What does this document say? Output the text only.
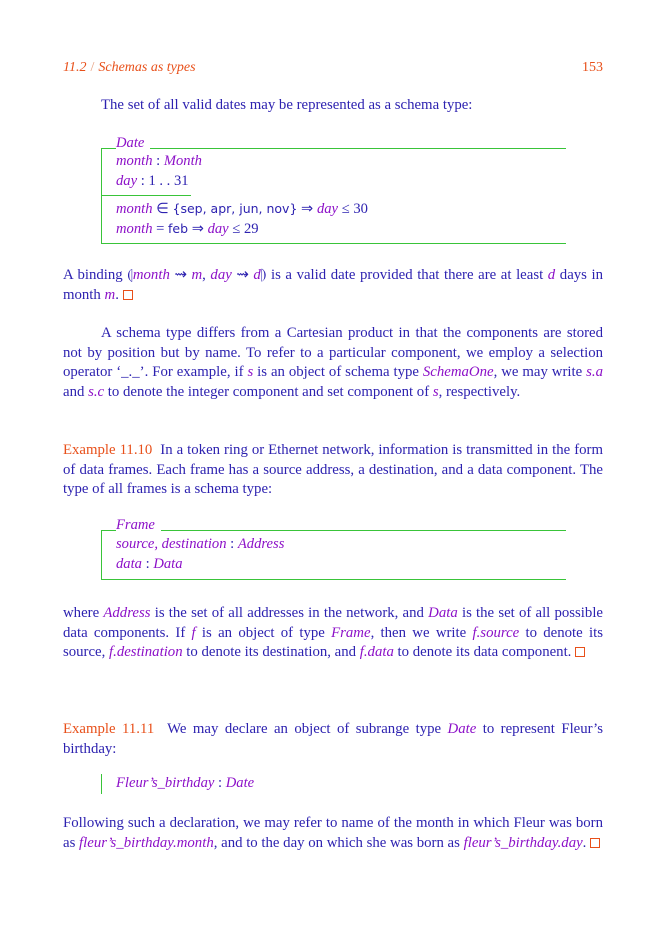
11.2 / Schemas as types	153

The set of all valid dates may be represented as a schema type:

Date
month : Month
day : 1 . . 31
month ∈ {sep, apr, jun, nov} ⇒ day ≤ 30
month = feb ⇒ day ≤ 29

A binding ⦇month ⇝ m, day ⇝ d⦈ is a valid date provided that there are at least d days in month m.

A schema type differs from a Cartesian product in that the components are stored not by position but by name. To refer to a particular component, we employ a selection operator ‘_._’. For example, if s is an object of schema type SchemaOne, we may write s.a and s.c to denote the integer component and set component of s, respectively.

Example 11.10 In a token ring or Ethernet network, information is transmitted in the form of data frames. Each frame has a source address, a destination, and a data component. The type of all frames is a schema type:

Frame
source, destination : Address
data : Data

where Address is the set of all addresses in the network, and Data is the set of all possible data components. If f is an object of type Frame, then we write f.source to denote its source, f.destination to denote its destination, and f.data to denote its data component.

Example 11.11 We may declare an object of subrange type Date to represent Fleur’s birthday:

Fleur’s_birthday : Date

Following such a declaration, we may refer to name of the month in which Fleur was born as fleur’s_birthday.month, and to the day on which she was born as fleur’s_birthday.day.
